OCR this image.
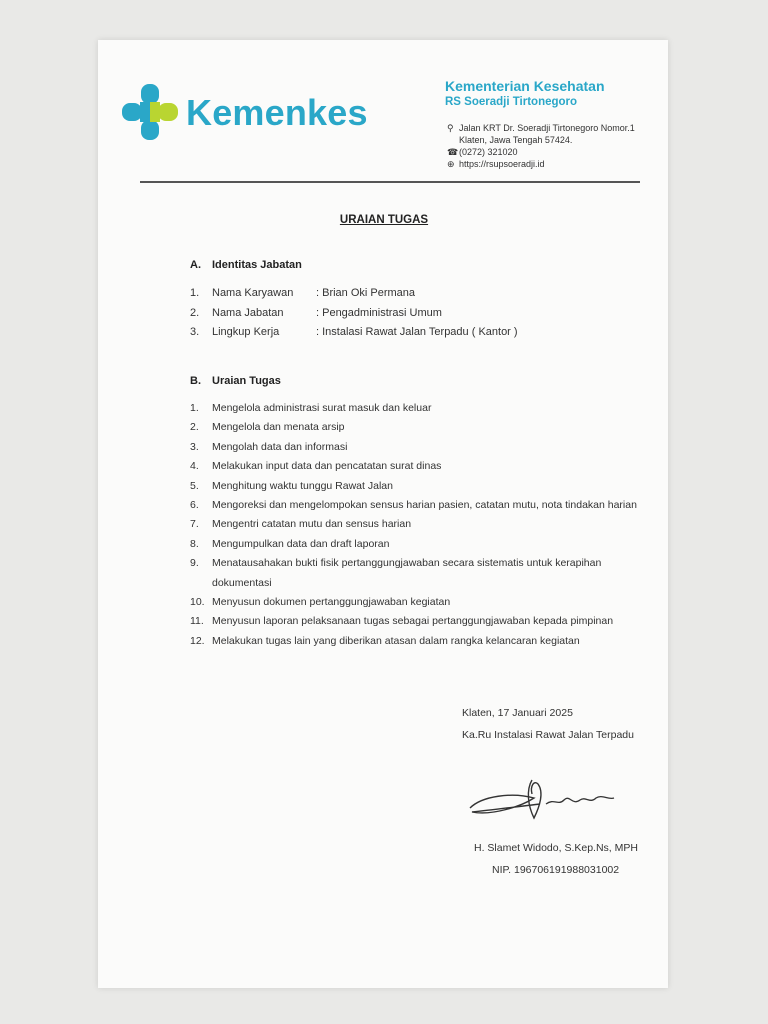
Kemenkes
Kementerian Kesehatan
RS Soeradji Tirtonegoro
⚲ Jalan KRT Dr. Soeradji Tirtonegoro Nomor.1
Klaten, Jawa Tengah 57424.
☎ (0272) 321020
⊕ https://rsupsoeradji.id
URAIAN TUGAS
A. Identitas Jabatan
1.	Nama Karyawan	: Brian Oki Permana
2.	Nama Jabatan	: Pengadministrasi Umum
3.	Lingkup Kerja	: Instalasi Rawat Jalan Terpadu ( Kantor )
B. Uraian Tugas
1.	Mengelola administrasi surat masuk dan keluar
2.	Mengelola dan menata arsip
3.	Mengolah data dan informasi
4.	Melakukan input data dan pencatatan surat dinas
5.	Menghitung waktu tunggu Rawat Jalan
6.	Mengoreksi dan mengelompokan sensus harian pasien, catatan mutu, nota tindakan harian
7.	Mengentri catatan mutu dan sensus harian
8.	Mengumpulkan data dan draft laporan
9.	Menatausahakan bukti fisik pertanggungjawaban secara sistematis untuk kerapihan
dokumentasi
10. Menyusun dokumen pertanggungjawaban kegiatan
11. Menyusun laporan pelaksanaan tugas sebagai pertanggungjawaban kepada pimpinan
12. Melakukan tugas lain yang diberikan atasan dalam rangka kelancaran kegiatan
Klaten, 17 Januari 2025
Ka.Ru Instalasi Rawat Jalan Terpadu
H. Slamet Widodo, S.Kep.Ns, MPH
NIP. 196706191988031002
